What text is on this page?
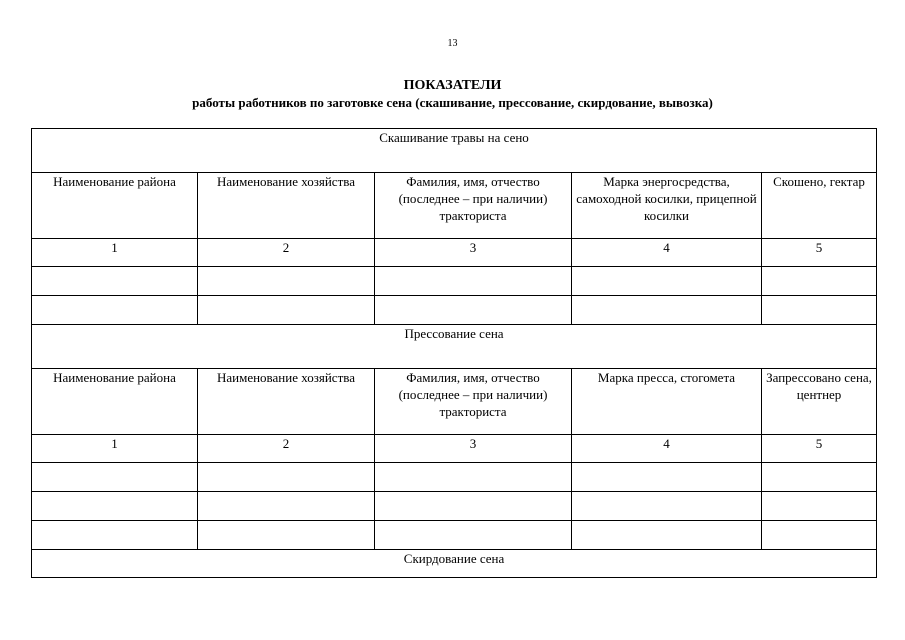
13
ПОКАЗАТЕЛИ
работы работников по заготовке сена (скашивание, прессование, скирдование, вывозка)
Скашивание травы на сено				
Наименование района	Наименование хозяйства	Фамилия, имя, отчество (последнее – при наличии) тракториста	Марка энергосредства, самоходной косилки, прицепной косилки	Скошено, гектар
1	2	3	4	5

Прессование сена				
Наименование района	Наименование хозяйства	Фамилия, имя, отчество (последнее – при наличии) тракториста	Марка пресса, стогомета	Запрессовано сена, центнер
1	2	3	4	5

Скирдование сена				
